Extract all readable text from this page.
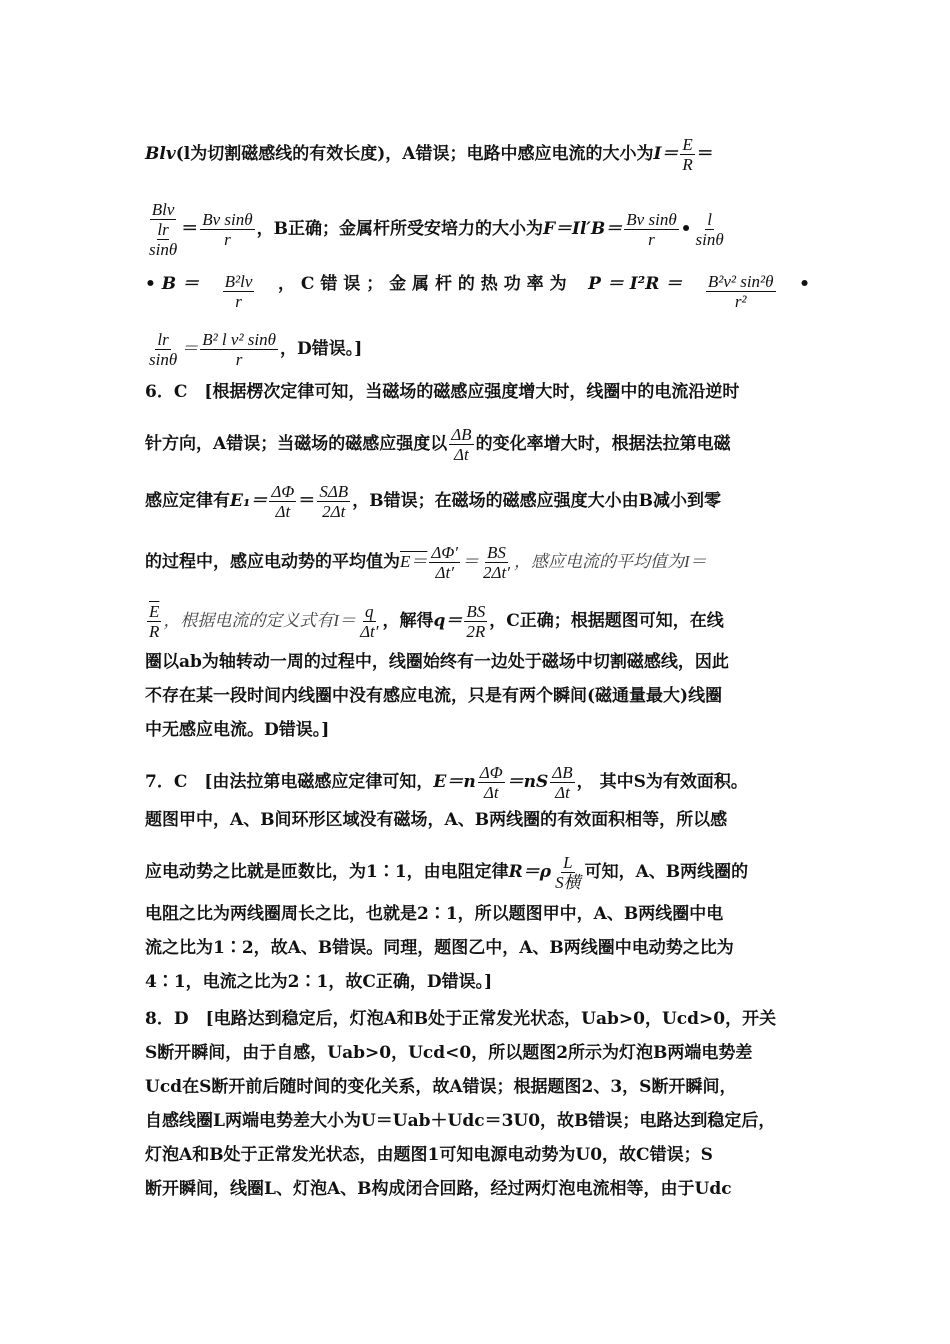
Blv(l为切割磁感线的有效长度)，A错误；电路中感应电流的大小为$I= \frac{E}{R}$ ＝
Blv
lr
$\sin\theta = \frac{\text{Bv sinθ}}{r}$ ，B正确；金属杆所受安培力的大小为$F=Il'B= \frac{\text{Bv sinθ}}{r}$ • $\frac{l}{\sin\theta}$
• $B = \frac{\text{B²lv}}{r}$ ， C 错 误 ； 金 属 杆 的 热 功 率 为 $P = I^2R = \frac{\text{B²v² sin²θ}}{\text{r²}}$ •
$\frac{lr}{\sin\theta} = \frac{\text{B² l v² sinθ}}{r}$ ，D错误。]
6．C　[根据楞次定律可知，当磁场的磁感应强度增大时，线圈中的电流沿逆时
针方向，A错误；当磁场的磁感应强度以 $\frac{\Delta B}{\Delta t}$ 的变化率增大时，根据法拉第电磁
感应定律有$E_1= \frac{\Delta\Phi}{\Delta t} = \frac{\text{SΔB}}{2\Delta t}$ ，B错误；在磁场的磁感应强度大小由B减小到零
的过程中，感应电动势的平均值为$E= \frac{\Delta\Phi'}{\Delta t'} = \frac{BS}{2\Delta t'}$ ，感应电流的平均值为I＝
$\frac{\overline{E}}{R}$ ，根据电流的定义式有$I= \frac{q}{\Delta t'}$ ，解得$q= \frac{BS}{2R}$ ，C正确；根据题图可知，在线
圈以ab为轴转动一周的过程中，线圈始终有一边处于磁场中切割磁感线，因此
不存在某一段时间内线圈中没有感应电流，只是有两个瞬间(磁通量最大)线圈
中无感应电流。D错误。]
7．C　[由法拉第电磁感应定律可知，$E=n \frac{\Delta\Phi}{\Delta t} =nS \frac{\Delta B}{\Delta t}$ ， 其中S为有效面积。
题图甲中，A、B间环形区域没有磁场，A、B两线圈的有效面积相等，所以感
应电动势之比就是匝数比，为1∶1，由电阻定律$R=\rho \frac{L}{\text{S横}}$ 可知，A、B两线圈的
电阻之比为两线圈周长之比，也就是2∶1，所以题图甲中，A、B两线圈中电
流之比为1∶2，故A、B错误。同理，题图乙中，A、B两线圈中电动势之比为
4∶1，电流之比为2∶1，故C正确，D错误。]
8．D　[电路达到稳定后，灯泡A和B处于正常发光状态，Uab>0，Ucd>0，开关
S断开瞬间，由于自感，Uab>0，Ucd<0，所以题图2所示为灯泡B两端电势差
Ucd在S断开前后随时间的变化关系，故A错误；根据题图2、3，S断开瞬间，
自感线圈L两端电势差大小为U＝Uab＋Udc＝3U0，故B错误；电路达到稳定后，
灯泡A和B处于正常发光状态，由题图1可知电源电动势为U0，故C错误；S
断开瞬间，线圈L、灯泡A、B构成闭合回路，经过两灯泡电流相等，由于Udc
